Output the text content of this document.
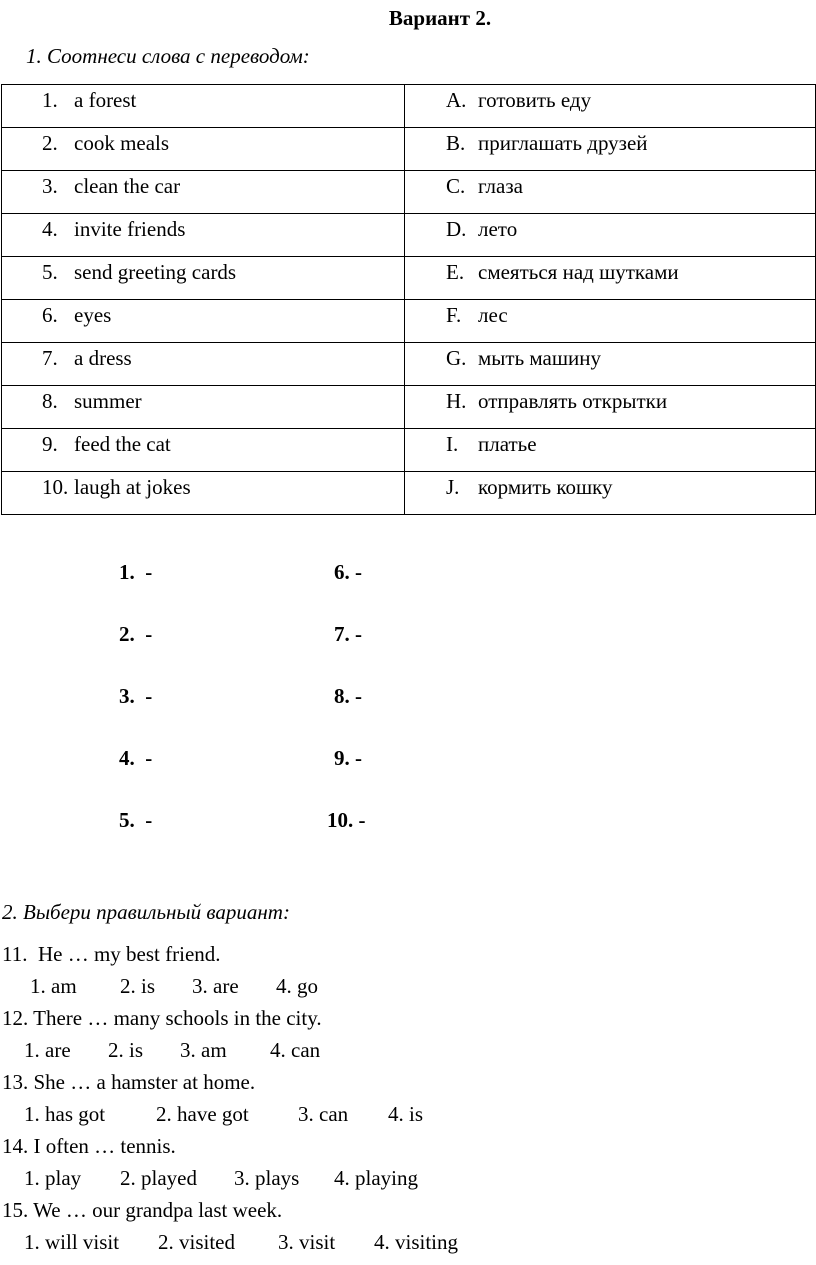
Вариант 2.
1. Соотнеси слова с переводом:
1. a forest	A. готовить еду

2. cook meals	B. приглашать друзей

3. clean the car	C. глаза

4. invite friends	D. лето

5. send greeting cards	E. смеяться над шутками

6. eyes	F. лес

7. a dress	G. мыть машину

8. summer	H. отправлять открытки

9. feed the cat	I. платье

10. laugh at jokes	J. кормить кошку
1.  -
2.  -
3.  -
4.  -
5.  -
6. -
7. -
8. -
9. -
10. -
2. Выбери правильный вариант:
11.  He … my best friend.
1. am 2. is 3. are 4. go
12. There … many schools in the city.
1. are 2. is 3. am 4. can
13. She … a hamster at home.
1. has got 2. have got 3. can 4. is
14. I often … tennis.
1. play 2. played 3. plays 4. playing
15. We … our grandpa last week.
1. will visit 2. visited 3. visit 4. visiting
